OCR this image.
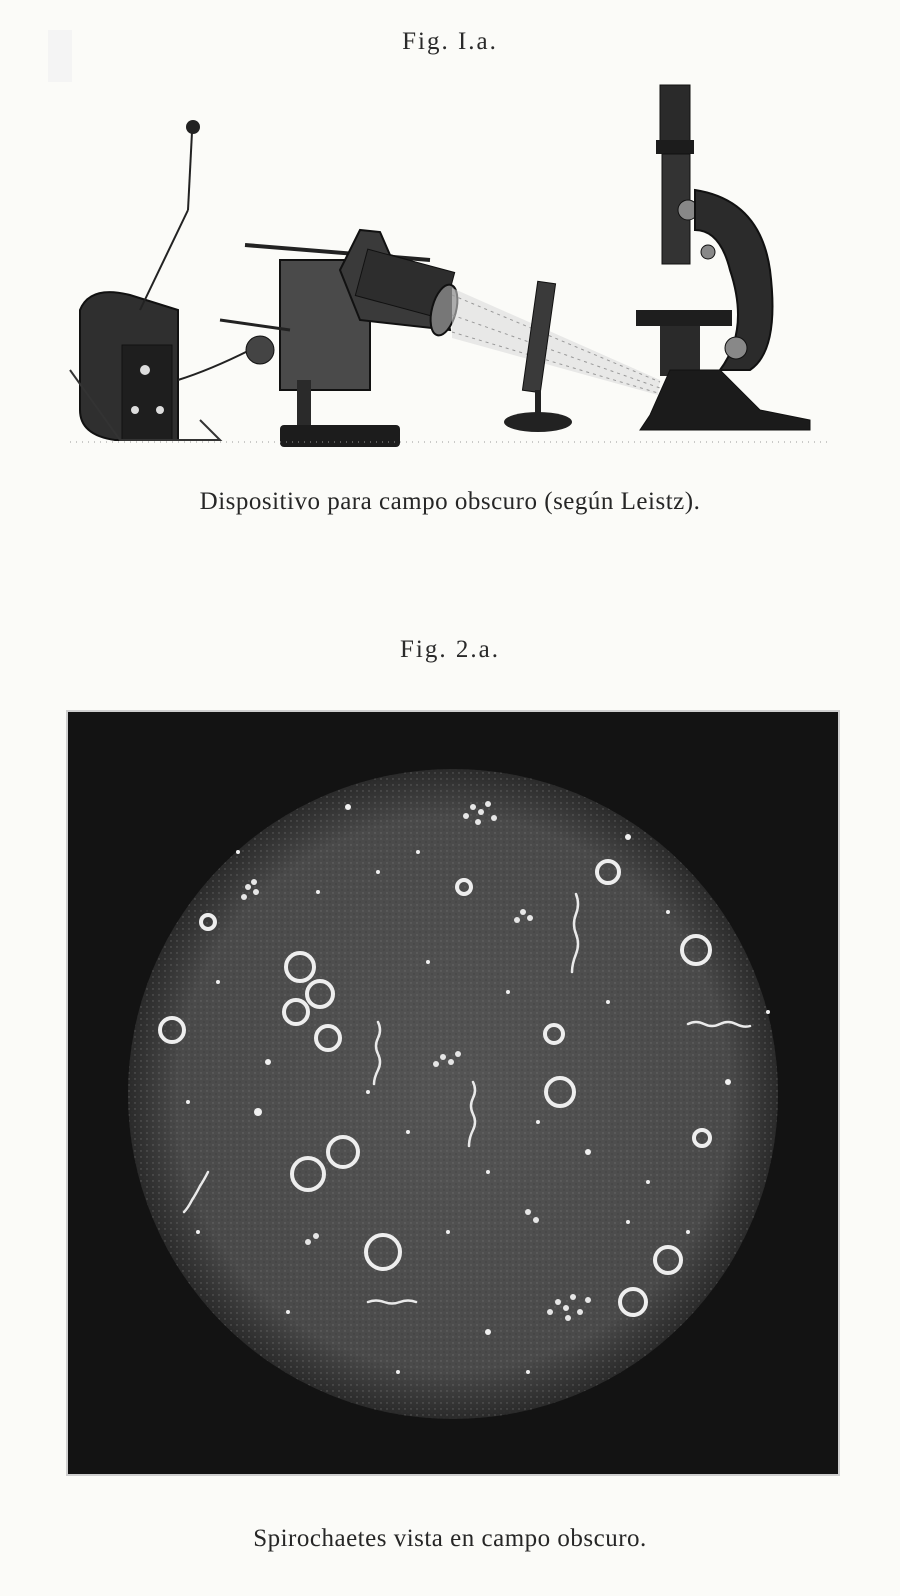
Fig. I.a.
Dispositivo para campo obscuro (según Leistz).
Fig. 2.a.
Spirochaetes vista en campo obscuro.
